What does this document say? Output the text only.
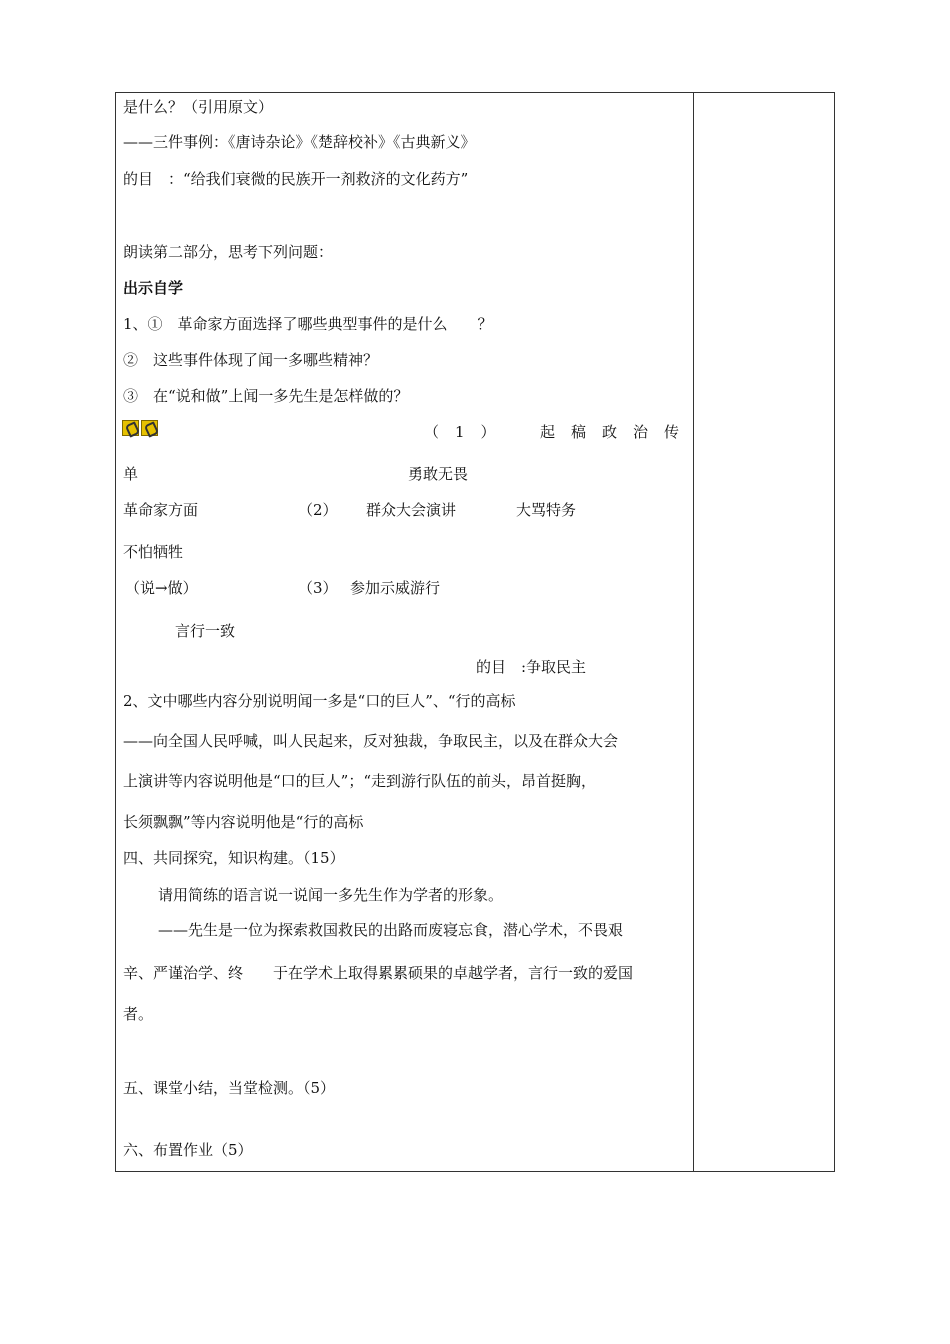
是什么？（引用原文）
——三件事例：《唐诗杂论》《楚辞校补》《古典新义》
的目　：“给我们衰微的民族开一剂救济的文化药方”
朗读第二部分，思考下列问题：
出示自学
1、①　革命家方面选择了哪些典型事件的是什么　　？
②　这些事件体现了闻一多哪些精神？
③　在“说和做”上闻一多先生是怎样做的？
（1） 起稿政治传
单	勇敢无畏
革命家方面	（2） 群众大会演讲	大骂特务
不怕牺牲
（说→做）	（3） 参加示威游行
言行一致
的目　:争取民主
2、文中哪些内容分别说明闻一多是“口的巨人”、“行的高标
——向全国人民呼喊，叫人民起来，反对独裁，争取民主，以及在群众大会
上演讲等内容说明他是“口的巨人”；“走到游行队伍的前头，昂首挺胸，
长须飘飘”等内容说明他是“行的高标
四、共同探究，知识构建。（15）
请用简练的语言说一说闻一多先生作为学者的形象。
——先生是一位为探索救国救民的出路而废寝忘食，潜心学术，不畏艰
辛、严谨治学、终　　于在学术上取得累累硕果的卓越学者，言行一致的爱国
者。
五、课堂小结，当堂检测。（5）
六、布置作业（5）
